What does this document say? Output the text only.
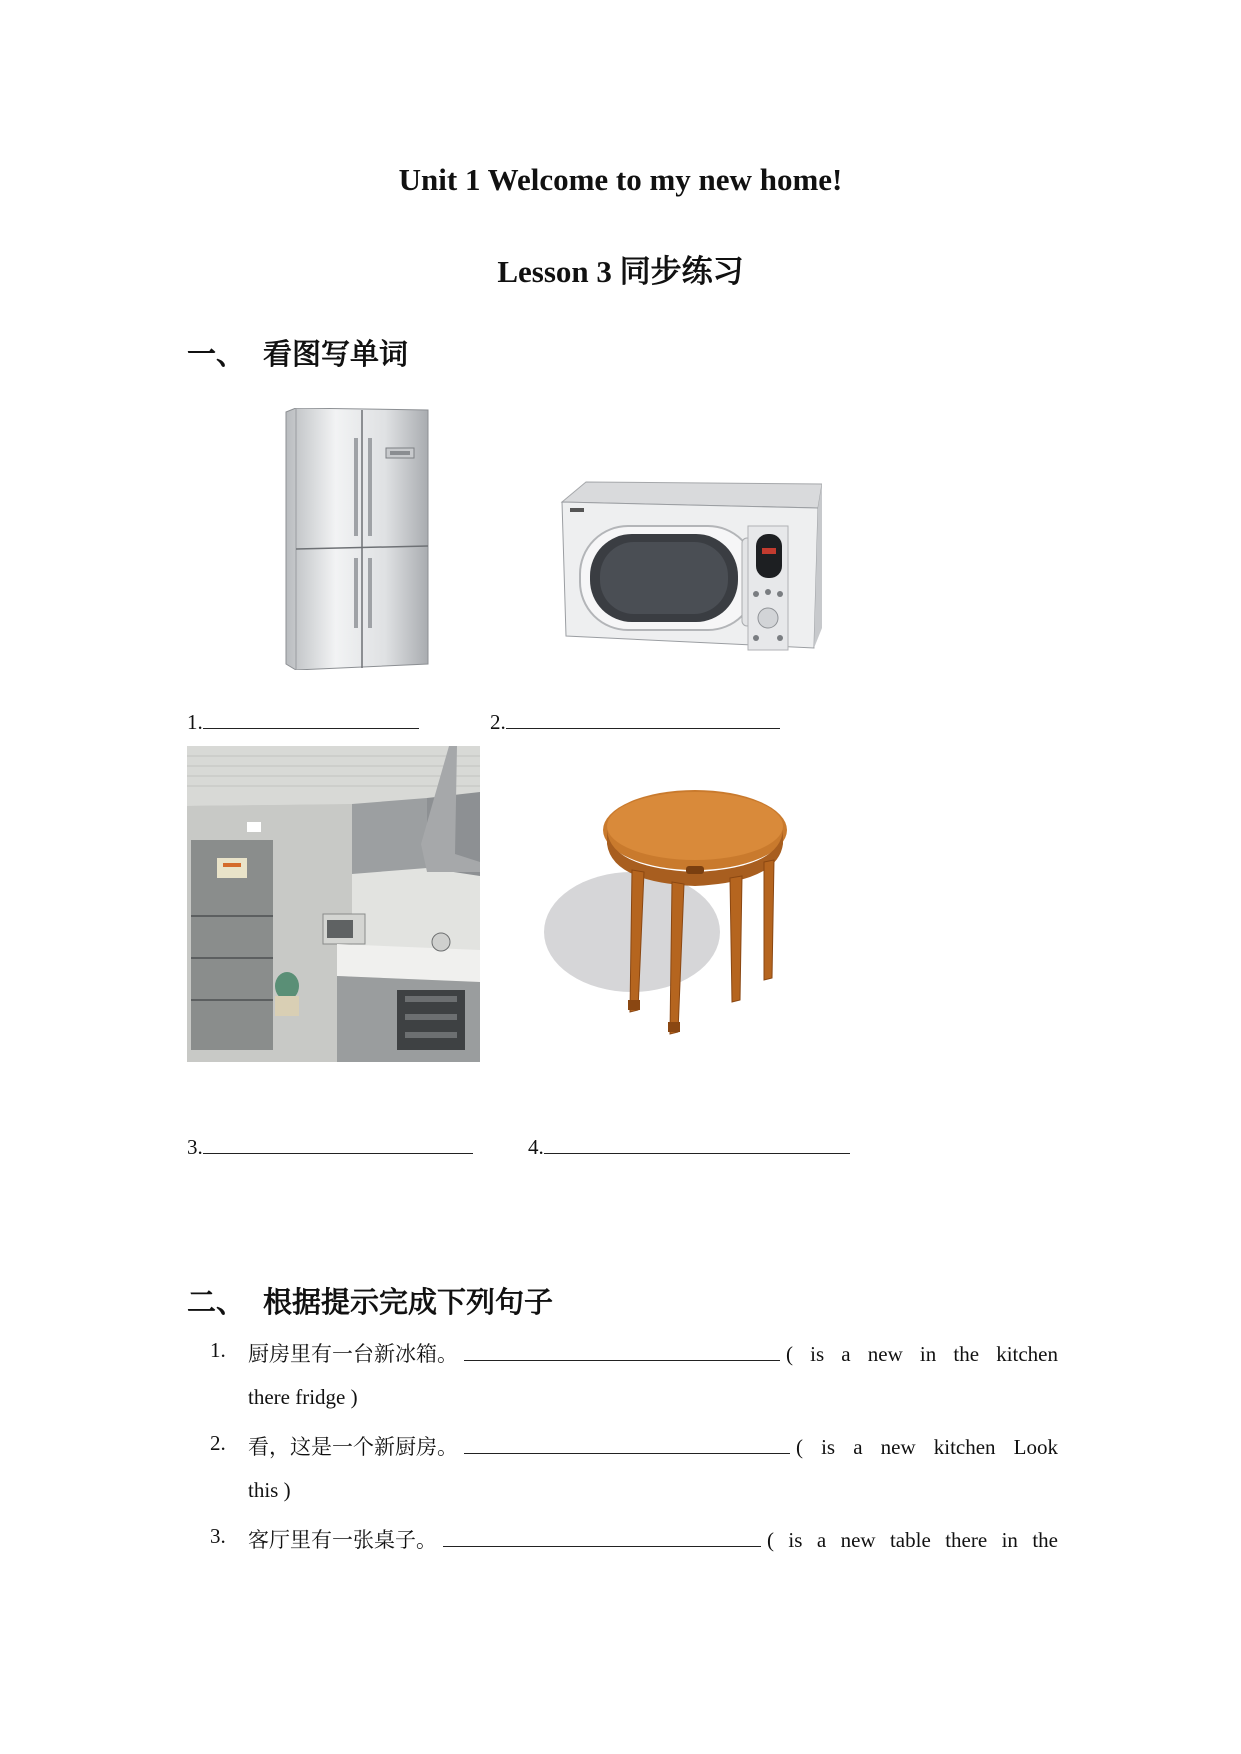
Unit 1 Welcome to my new home!
Lesson 3 同步练习
一、 看图写单词
1.	2.
3.	4.
二、 根据提示完成下列句子
1. 厨房里有一台新冰箱。	( is a new in the kitchen
there fridge )
2. 看，这是一个新厨房。	( is a new kitchen Look
this )
3. 客厅里有一张桌子。	( is a new table there in the
